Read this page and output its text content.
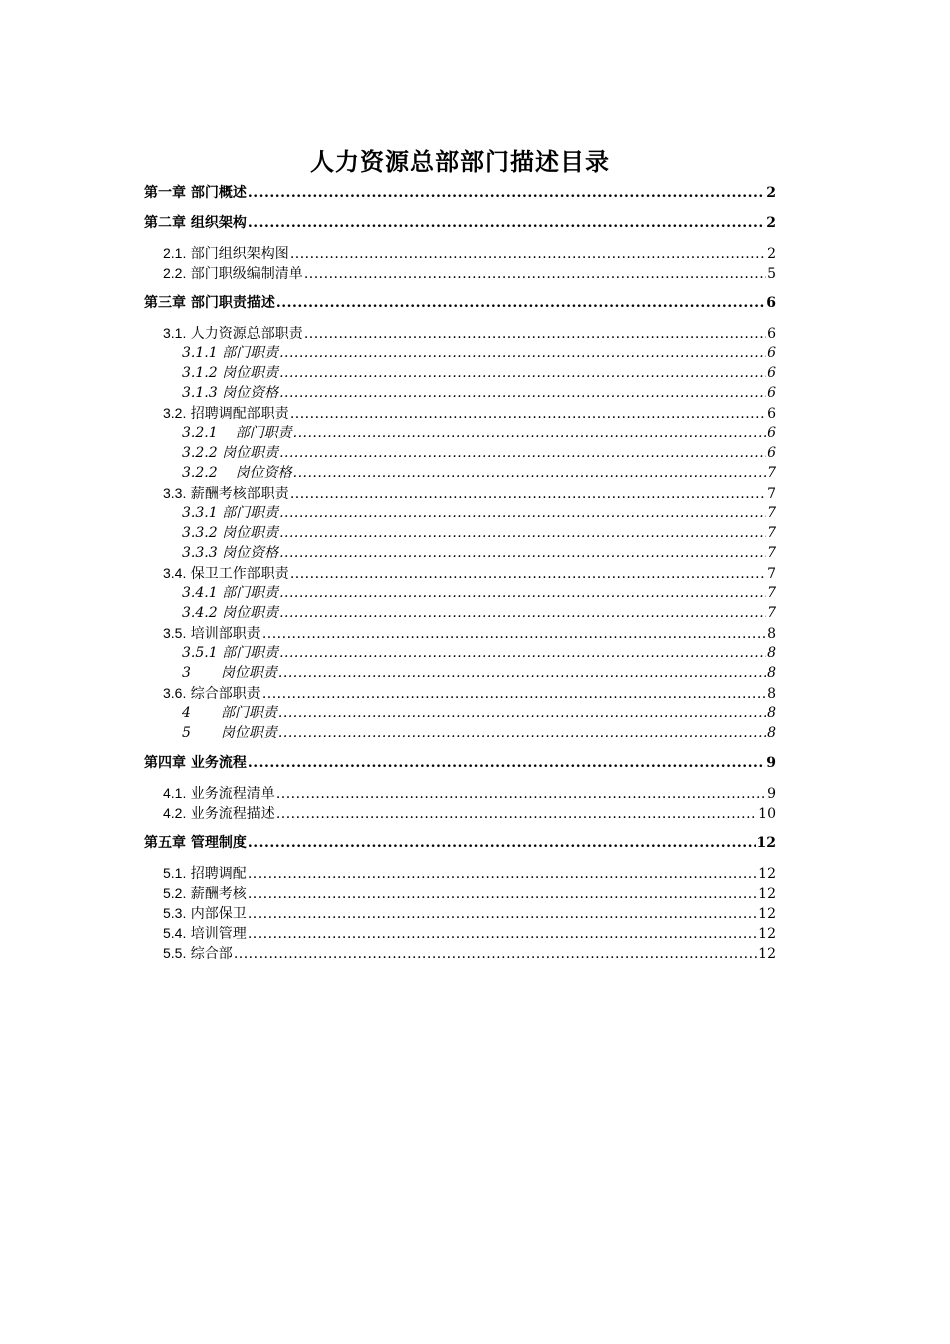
人力资源总部部门描述目录
第一章 部门概述 .....	2
第二章 组织架构 .....	2
2.1. 部门组织架构图 .....	2
2.2. 部门职级编制清单 .....	5
第三章 部门职责描述 .....	6
3.1. 人力资源总部职责 .....	6
3.1.1 部门职责 .....	6
3.1.2 岗位职责 .....	6
3.1.3 岗位资格 .....	6
3.2. 招聘调配部职责 .....	6
3.2.1 部门职责 .....	6
3.2.2 岗位职责 .....	6
3.2.2 岗位资格 .....	7
3.3. 薪酬考核部职责 .....	7
3.3.1 部门职责 .....	7
3.3.2 岗位职责 .....	7
3.3.3 岗位资格 .....	7
3.4. 保卫工作部职责 .....	7
3.4.1 部门职责 .....	7
3.4.2 岗位职责 .....	7
3.5. 培训部职责 .....	8
3.5.1 部门职责 .....	8
3 岗位职责 .....	8
3.6. 综合部职责 .....	8
4 部门职责 .....	8
5 岗位职责 .....	8
第四章 业务流程 .....	9
4.1. 业务流程清单 .....	9
4.2. 业务流程描述 .....	10
第五章 管理制度 .....	12
5.1. 招聘调配 .....	12
5.2. 薪酬考核 .....	12
5.3. 内部保卫 .....	12
5.4. 培训管理 .....	12
5.5. 综合部 .....	12
